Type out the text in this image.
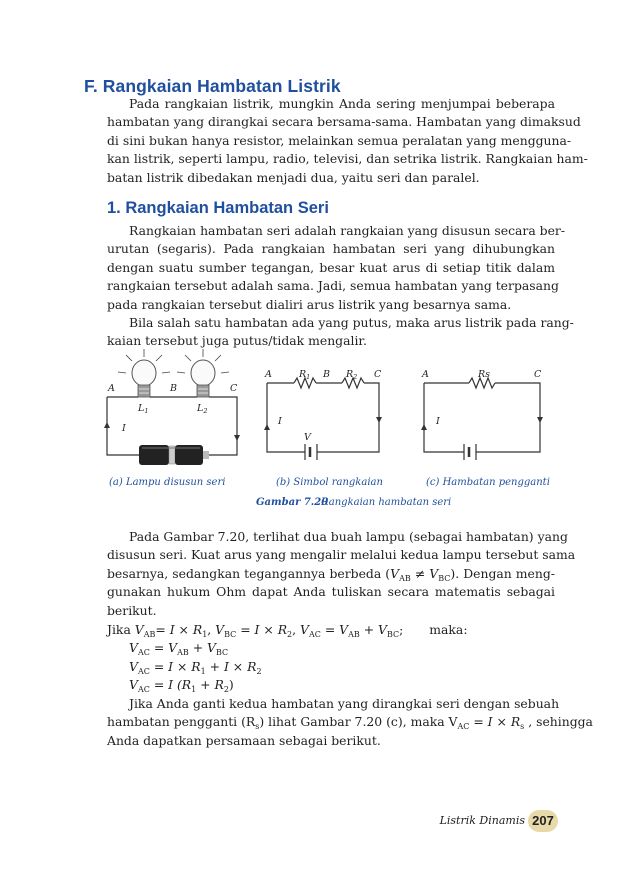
F. Rangkaian Hambatan Listrik

Pada rangkaian listrik, mungkin Anda sering menjumpai beberapa
hambatan yang dirangkai secara bersama-sama. Hambatan yang dimaksud
di sini bukan hanya resistor, melainkan semua peralatan yang mengguna-
kan listrik, seperti lampu, radio, televisi, dan setrika listrik. Rangkaian ham-
batan listrik dibedakan menjadi dua, yaitu seri dan paralel.

1. Rangkaian Hambatan Seri

Rangkaian hambatan seri adalah rangkaian yang disusun secara ber-
urutan (segaris). Pada rangkaian hambatan seri yang dihubungkan
dengan suatu sumber tegangan, besar kuat arus di setiap titik dalam
rangkaian tersebut adalah sama. Jadi, semua hambatan yang terpasang
pada rangkaian tersebut dialiri arus listrik yang besarnya sama.

Bila salah satu hambatan ada yang putus, maka arus listrik pada rang-
kaian tersebut juga putus/tidak mengalir.

A	B	C
$L_1$	$L_2$
I
A	$R_1$ B $R_2$ C
I
V
A	Rs	C
I
(a) Lampu disusun seri	(b) Simbol rangkaian	(c) Hambatan pengganti
Gambar 7.20
Rangkaian hambatan seri

Pada Gambar 7.20, terlihat dua buah lampu (sebagai hambatan) yang
disusun seri. Kuat arus yang mengalir melalui kedua lampu tersebut sama
besarnya, sedangkan tegangannya berbeda $(V_{AB} \ne V_{BC})$. Dengan meng-
gunakan hukum Ohm dapat Anda tuliskan secara matematis sebagai
berikut.

Jika $V_{AB}= I \times R_1$, $V_{BC} = I \times R_2$, $V_{AC} = V_{AB} + V_{BC}$; maka:
$V_{AC} = V_{AB} + V_{BC}$
$V_{AC} = I \times R_1 + I \times R_2$
$V_{AC} = I$ $(R_1 + R_2)$

Jika Anda ganti kedua hambatan yang dirangkai seri dengan sebuah
hambatan pengganti $(R_s)$ lihat Gambar 7.20 (c), maka $V_{AC} = I \times R_s$ , sehingga
Anda dapatkan persamaan sebagai berikut.

Listrik Dinamis 207
